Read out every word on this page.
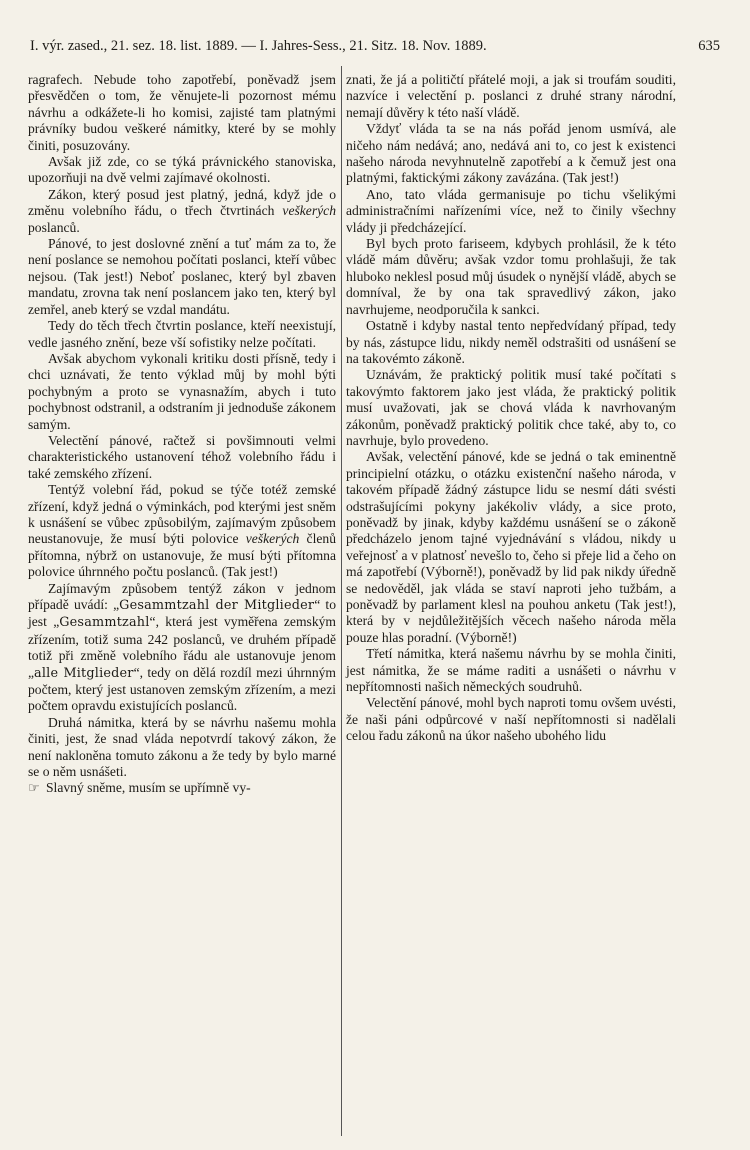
I. výr. zased., 21. sez. 18. list. 1889. — I. Jahres-Sess., 21. Sitz. 18. Nov. 1889.	635

ragrafech. Nebude toho zapotřebí, poněvadž jsem přesvědčen o tom, že věnujete-li pozornost mému návrhu a odkážete-li ho komisi, zajisté tam platnými právníky budou veškeré námitky, které by se mohly činiti, posuzovány.

Avšak již zde, co se týká právnického stanoviska, upozorňuji na dvě velmi zajímavé okolnosti.

Zákon, který posud jest platný, jedná, když jde o změnu volebního řádu, o třech čtvrtinách veškerých poslanců.

Pánové, to jest doslovné znění a tuť mám za to, že není poslance se nemohou počítati poslanci, kteří vůbec nejsou. (Tak jest!) Neboť poslanec, který byl zbaven mandatu, zrovna tak není poslancem jako ten, který byl zemřel, aneb který se vzdal mandátu.

Tedy do těch třech čtvrtin poslance, kteří neexistují, vedle jasného znění, beze vší sofistiky nelze počítati.

Avšak abychom vykonali kritiku dosti přísně, tedy i chci uznávati, že tento výklad můj by mohl býti pochybným a proto se vynasnažím, abych i tuto pochybnost odstranil, a odstraním ji jednoduše zákonem samým.

Velectění pánové, račtež si povšimnouti velmi charakteristického ustanovení téhož volebního řádu i také zemského zřízení.

Tentýž volební řád, pokud se týče totéž zemské zřízení, když jedná o výminkách, pod kterými jest sněm k usnášení se vůbec způsobilým, zajímavým způsobem neustanovuje, že musí býti polovice veškerých členů přítomna, nýbrž on ustanovuje, že musí býti přítomna polovice úhrnného počtu poslanců. (Tak jest!)

Zajímavým způsobem tentýž zákon v jednom případě uvádí: „Gesammtzahl der Mitglieder“ to jest „Gesammtzahl“, která jest vyměřena zemským zřízením, totiž suma 242 poslanců, ve druhém případě totiž při změně volebního řádu ale ustanovuje jenom „alle Mitglieder“, tedy on dělá rozdíl mezi úhrnným počtem, který jest ustanoven zemským zřízením, a mezi počtem opravdu existujících poslanců.

Druhá námitka, která by se návrhu našemu mohla činiti, jest, že snad vláda nepotvrdí takový zákon, že není nakloněna tomuto zákonu a že tedy by bylo marné se o něm usnášeti.

☞ Slavný sněme, musím se upřímně vy-

znati, že já a političtí přátelé moji, a jak si troufám souditi, nazvíce i velectění p. poslanci z druhé strany národní, nemají důvěry k této naší vládě.

Vždyť vláda ta se na nás pořád jenom usmívá, ale ničeho nám nedává; ano, nedává ani to, co jest k existenci našeho národa nevyhnutelně zapotřebí a k čemuž jest ona platnými, faktickými zákony zavázána. (Tak jest!)

Ano, tato vláda germanisuje po tichu všelikými administračními nařízeními více, než to činily všechny vlády ji předcházející.

Byl bych proto fariseem, kdybych prohlásil, že k této vládě mám důvěru; avšak vzdor tomu prohlašuji, že tak hluboko neklesl posud můj úsudek o nynější vládě, abych se domníval, že by ona tak spravedlivý zákon, jako navrhujeme, neodporučila k sankci.

Ostatně i kdyby nastal tento nepředvídaný případ, tedy by nás, zástupce lidu, nikdy neměl odstrašiti od usnášení se na takovémto zákoně.

Uznávám, že praktický politik musí také počítati s takovýmto faktorem jako jest vláda, že praktický politik musí uvažovati, jak se chová vláda k navrhovaným zákonům, poněvadž praktický politik chce také, aby to, co navrhuje, bylo provedeno.

Avšak, velectění pánové, kde se jedná o tak eminentně principielní otázku, o otázku existenční našeho národa, v takovém případě žádný zástupce lidu se nesmí dáti svésti odstrašujícími pokyny jakékoliv vlády, a sice proto, poněvadž by jinak, kdyby každému usnášení se o zákoně předcházelo jenom tajné vyjednávání s vládou, nikdy u veřejnosť a v platnosť nevešlo to, čeho si přeje lid a čeho on má zapotřebí (Výborně!), poněvadž by lid pak nikdy úředně se nedověděl, jak vláda se staví naproti jeho tužbám, a poněvadž by parlament klesl na pouhou anketu (Tak jest!), která by v nejdůležitějších věcech našeho národa měla pouze hlas poradní. (Výborně!)

Třetí námitka, která našemu návrhu by se mohla činiti, jest námitka, že se máme raditi a usnášeti o návrhu v nepřítomnosti našich německých soudruhů.

Velectění pánové, mohl bych naproti tomu ovšem uvésti, že naši páni odpůrcové v naší nepřítomnosti si nadělali celou řadu zákonů na úkor našeho ubohého lidu
